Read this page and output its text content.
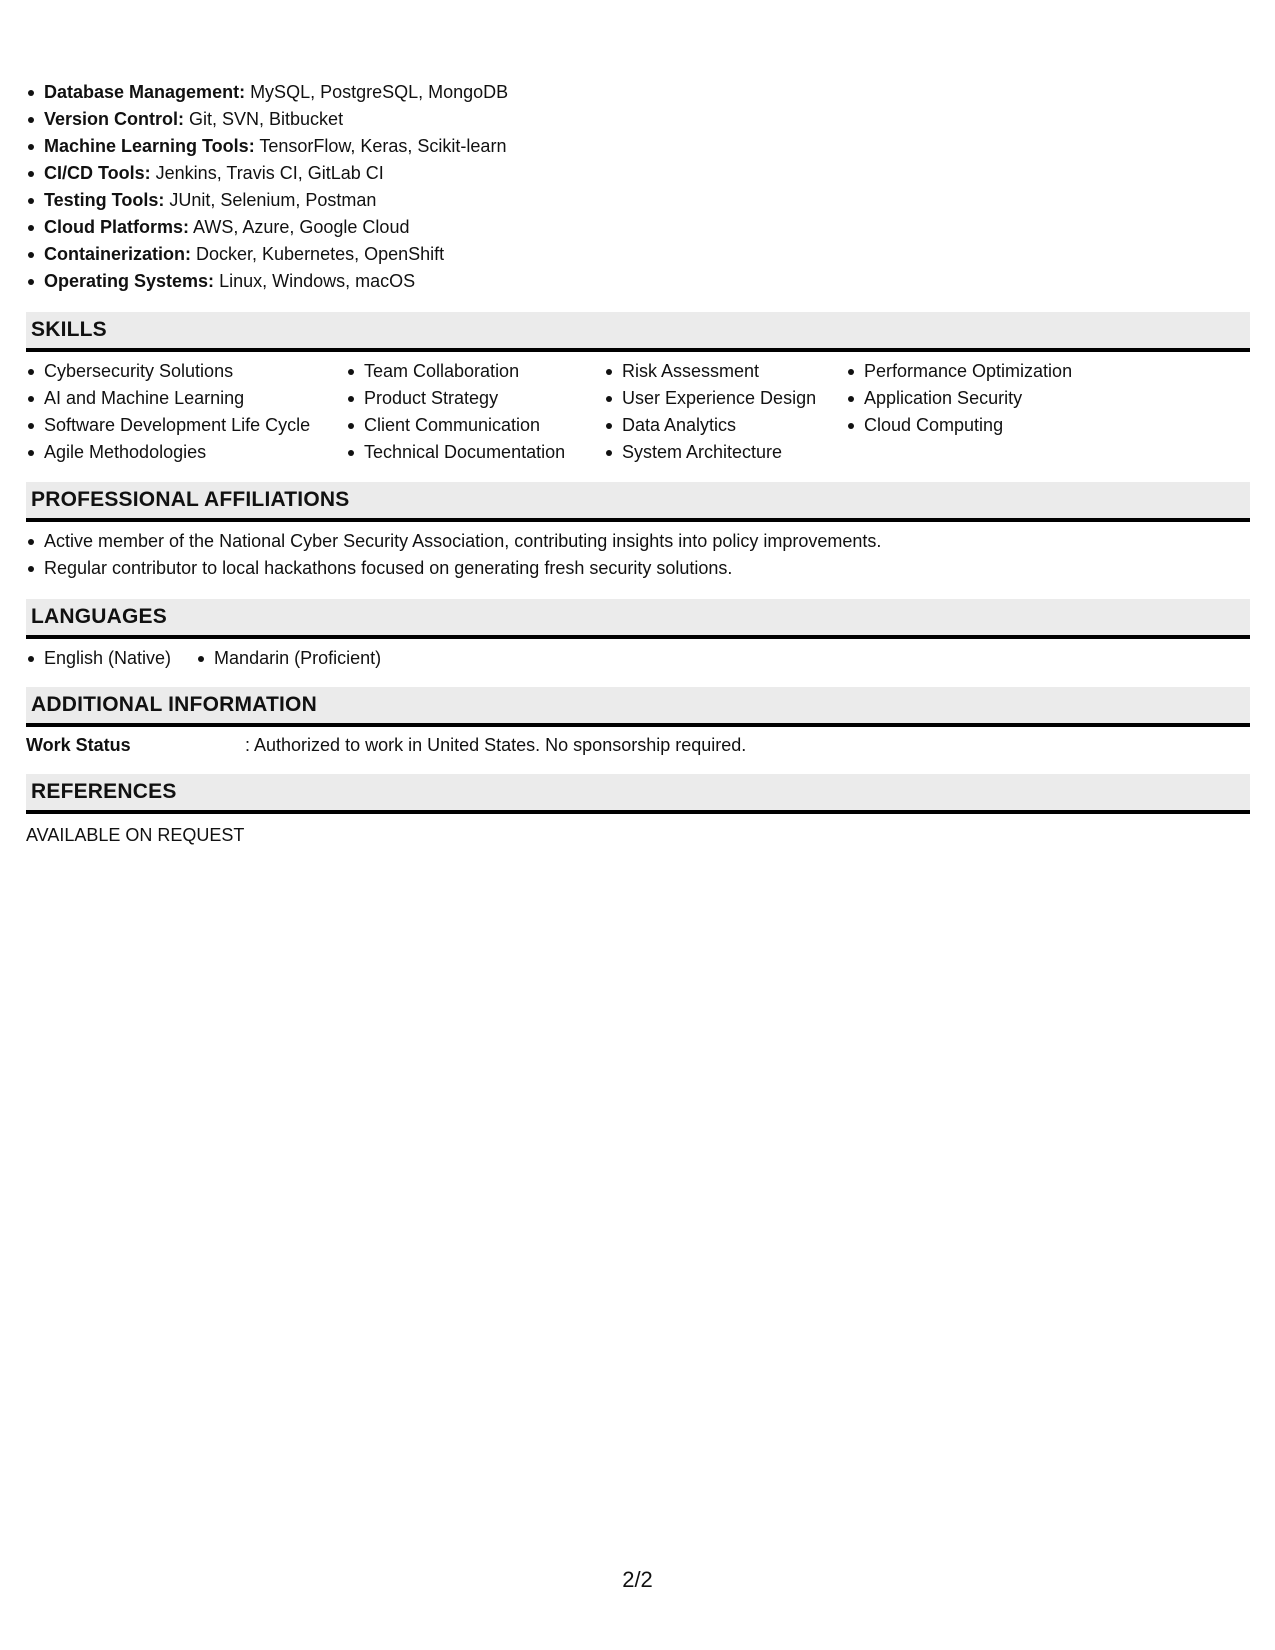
Database Management: MySQL, PostgreSQL, MongoDB
Version Control: Git, SVN, Bitbucket
Machine Learning Tools: TensorFlow, Keras, Scikit-learn
CI/CD Tools: Jenkins, Travis CI, GitLab CI
Testing Tools: JUnit, Selenium, Postman
Cloud Platforms: AWS, Azure, Google Cloud
Containerization: Docker, Kubernetes, OpenShift
Operating Systems: Linux, Windows, macOS
SKILLS
Cybersecurity Solutions
AI and Machine Learning
Software Development Life Cycle
Agile Methodologies
Team Collaboration
Product Strategy
Client Communication
Technical Documentation
Risk Assessment
User Experience Design
Data Analytics
System Architecture
Performance Optimization
Application Security
Cloud Computing
PROFESSIONAL AFFILIATIONS
Active member of the National Cyber Security Association, contributing insights into policy improvements.
Regular contributor to local hackathons focused on generating fresh security solutions.
LANGUAGES
English (Native)	Mandarin (Proficient)
ADDITIONAL INFORMATION
Work Status	: Authorized to work in United States. No sponsorship required.
REFERENCES
AVAILABLE ON REQUEST
2/2
